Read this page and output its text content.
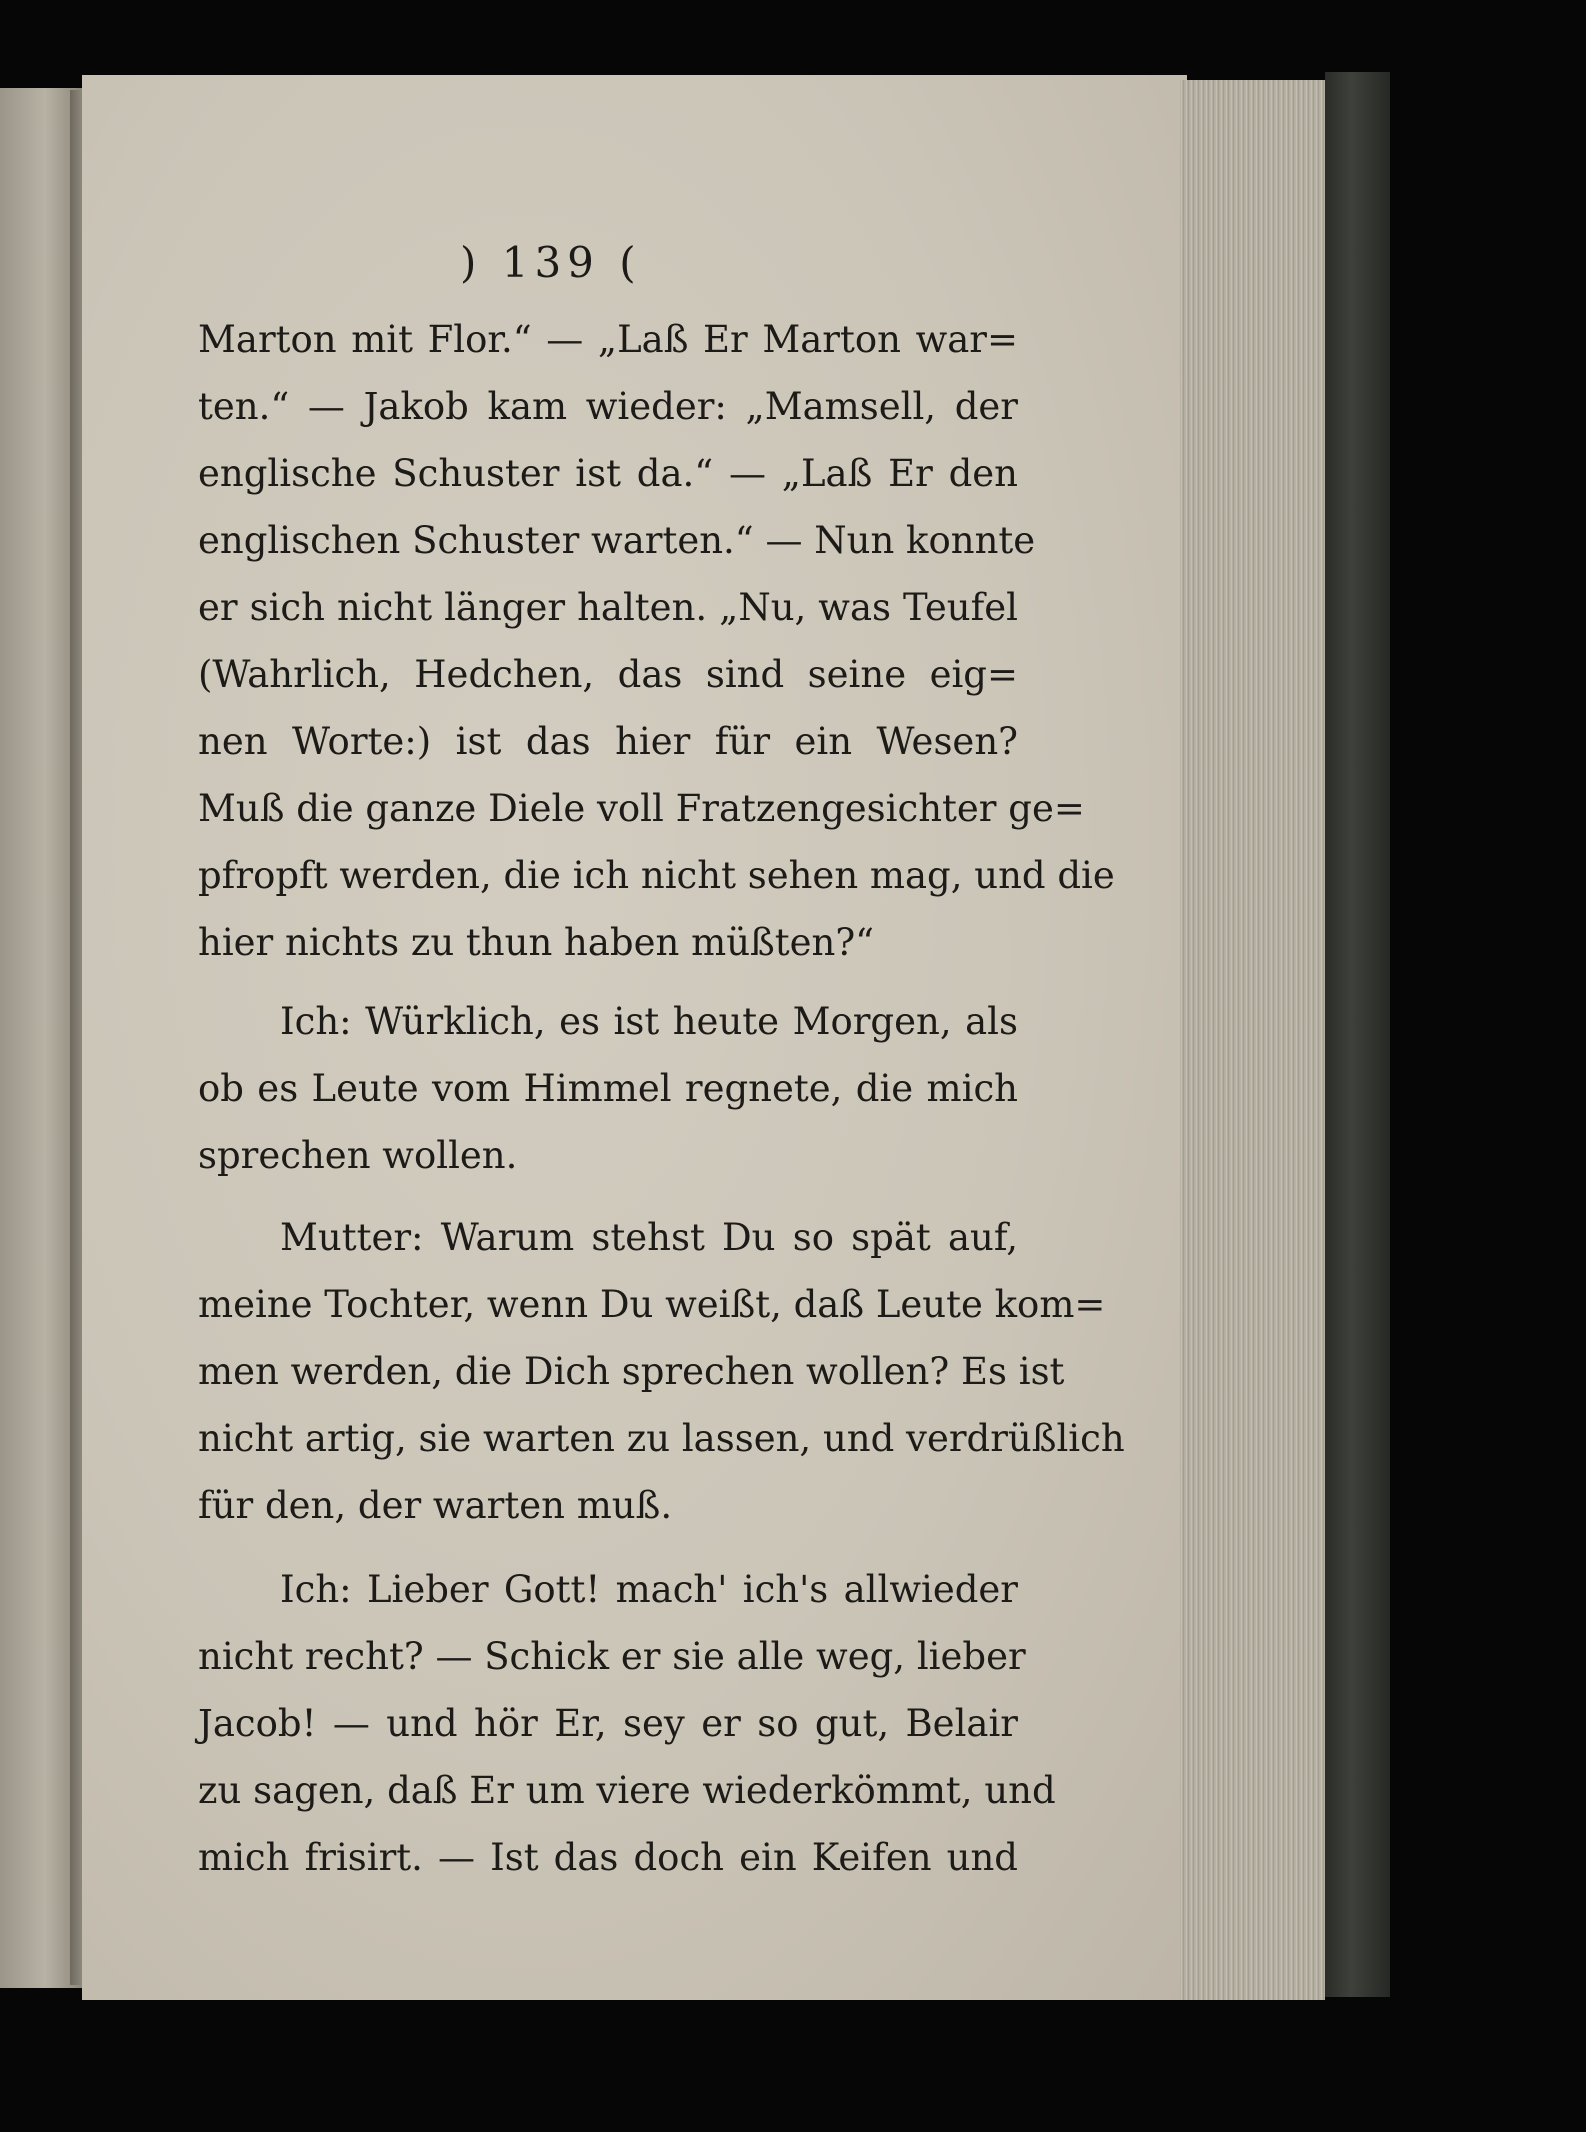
) 139 (
Marton mit Flor.“ — „Laß Er Marton war=
ten.“ — Jakob kam wieder: „Mamsell, der
englische Schuster ist da.“ — „Laß Er den
englischen Schuster warten.“ — Nun konnte
er sich nicht länger halten. „Nu, was Teufel
(Wahrlich, Hedchen, das sind seine eig=
nen Worte:) ist das hier für ein Wesen?
Muß die ganze Diele voll Fratzengesichter ge=
pfropft werden, die ich nicht sehen mag, und die
hier nichts zu thun haben müßten?“
Ich: Würklich, es ist heute Morgen, als
ob es Leute vom Himmel regnete, die mich
sprechen wollen.
Mutter: Warum stehst Du so spät auf,
meine Tochter, wenn Du weißt, daß Leute kom=
men werden, die Dich sprechen wollen? Es ist
nicht artig, sie warten zu lassen, und verdrüßlich
für den, der warten muß.
Ich: Lieber Gott! mach' ich's allwieder
nicht recht? — Schick er sie alle weg, lieber
Jacob! — und hör Er, sey er so gut, Belair
zu sagen, daß Er um viere wiederkömmt, und
mich frisirt. — Ist das doch ein Keifen und
